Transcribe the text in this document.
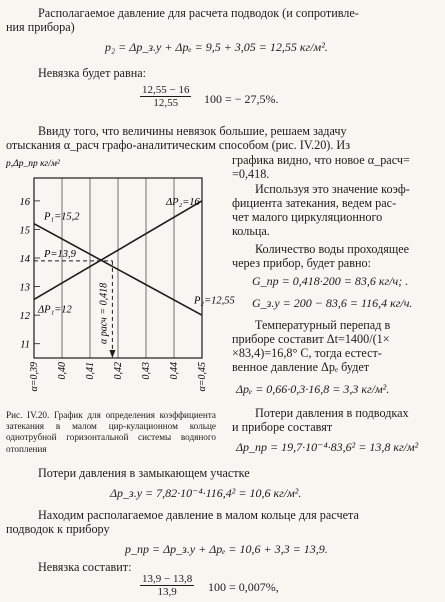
Располагаемое давление для расчета подводок (и сопротивле-
ния прибора)
p₂ = Δp_з.у + Δpₑ = 9,5 + 3,05 = 12,55 кг/м².
Невязка будет равна:
$\frac{12,55 - 16}{12,55} 100$ = − 27,5%.
Ввиду того, что величины невязок большие, решаем задачу
отыскания α_расч графо-аналитическим способом (рис. IV.20). Из
α=0,39 0,40 0,41 0,42 0,43 0,44 α=0,45
11
12
13
14
15
16
p,Δp_пр кг/м²
α расч = 0,418
P₁=15,2
P=13,9
ΔP₁=12
ΔP₂=16
P₂=12,55
Рис. IV.20. График для определения коэффициента затекания в малом цир-кулационном кольце однотрубной горизонтальной системы водяного отопления
графика видно, что новое α_расч=
=0,418.
Используя это значение коэф-
фициента затекания, ведем рас-
чет малого циркуляционного
кольца.
Количество воды проходящее
через прибор, будет равно:
G_пр = 0,418·200 = 83,6 кг/ч; .
G_з.у = 200 − 83,6 = 116,4 кг/ч.
Температурный перепад в
приборе составит Δt=1400/(1×
×83,4)=16,8° С, тогда естест-
венное давление Δpₑ будет
Δpₑ = 0,66·0,3·16,8 = 3,3 кг/м².
Потери давления в подводках
и приборе составят
Δp_пр = 19,7·10⁻⁴·83,6² = 13,8 кг/м²
Потери давления в замыкающем участке
Δp_з.у = 7,82·10⁻⁴·116,4² = 10,6 кг/м².
Находим располагаемое давление в малом кольце для расчета
подводок к прибору
p_пр = Δp_з.у + Δpₑ = 10,6 + 3,3 = 13,9.
Невязка составит:
$\frac{13,9 - 13,8}{13,9} 100 = 0,007\%$,
